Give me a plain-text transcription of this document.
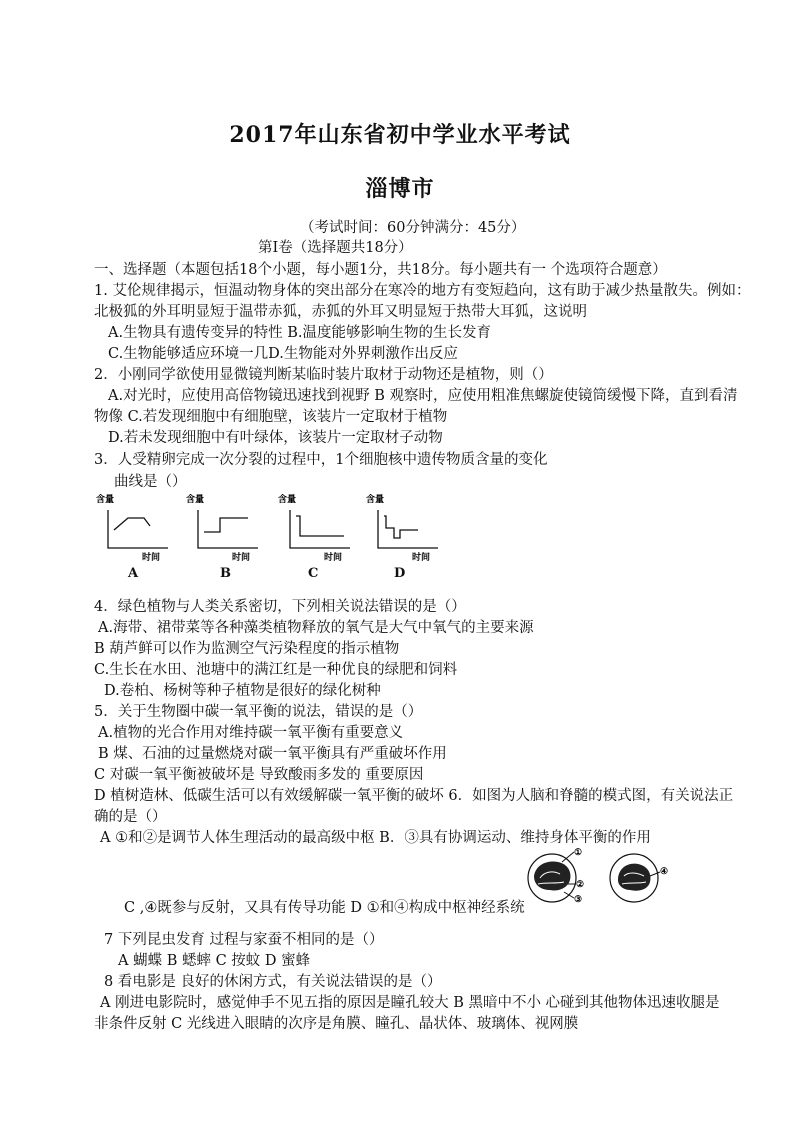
2017年山东省初中学业水平考试
淄博市
（考试时间：60分钟满分：45分）
第Ⅰ卷（选择题共18分）
一、选择题（本题包括18个小题，每小题1分，共18分。每小题共有一 个选项符合题意）
1. 艾伦规律揭示，恒温动物身体的突出部分在寒冷的地方有变短趋向，这有助于减少热量散失。例如：
北极狐的外耳明显短于温带赤狐，赤狐的外耳又明显短于热带大耳狐，这说明
A.生物具有遗传变异的特性 B.温度能够影响生物的生长发育
C.生物能够适应环境一几D.生物能对外界刺激作出反应
2．小刚同学欲使用显微镜判断某临时装片取材于动物还是植物，则（）
A.对光时，应使用高倍物镜迅速找到视野 B 观察时，应使用粗准焦螺旋使镜筒缓慢下降，直到看清
物像 C.若发现细胞中有细胞壁，该装片一定取材于植物
D.若未发现细胞中有叶绿体，该装片一定取材子动物
3．人受精卵完成一次分裂的过程中，1个细胞核中遗传物质含量的变化
曲线是（）
含量
时间
A
含量
时间
B
含量
时间
C
含量
时间
D
4．绿色植物与人类关系密切，下列相关说法错误的是（）
A.海带、裙带菜等各种藻类植物释放的氧气是大气中氧气的主要来源
B 葫芦鲜可以作为监测空气污染程度的指示植物
C.生长在水田、池塘中的满江红是一种优良的绿肥和饲料
D.卷柏、杨树等种子植物是很好的绿化树种
5．关于生物圈中碳一氧平衡的说法，错误的是（）
A.植物的光合作用对维持碳一氧平衡有重要意义
B 煤、石油的过量燃烧对碳一氧平衡具有严重破坏作用
C 对碳一氧平衡被破坏是 导致酸雨多发的 重要原因
D 植树造林、低碳生活可以有效缓解碳一氧平衡的破坏 6．如图为人脑和脊髓的模式图，有关说法正
确的是（）
A ①和②是调节人体生理活动的最高级中枢 B．③具有协调运动、维持身体平衡的作用
①
②
③
④
C ,④既参与反射，又具有传导功能 D ①和④构成中枢神经系统
7 下列昆虫发育 过程与家蚕不相同的是（）
A 蝴蝶 B 蟋蟀 C 按蚊 D 蜜蜂
8 看电影是 良好的休闲方式，有关说法错误的是（）
A 刚进电影院时，感觉伸手不见五指的原因是瞳孔较大 B 黑暗中不小 心碰到其他物体迅速收腿是
非条件反射 C 光线进入眼睛的次序是角膜、瞳孔、晶状体、玻璃体、视网膜
